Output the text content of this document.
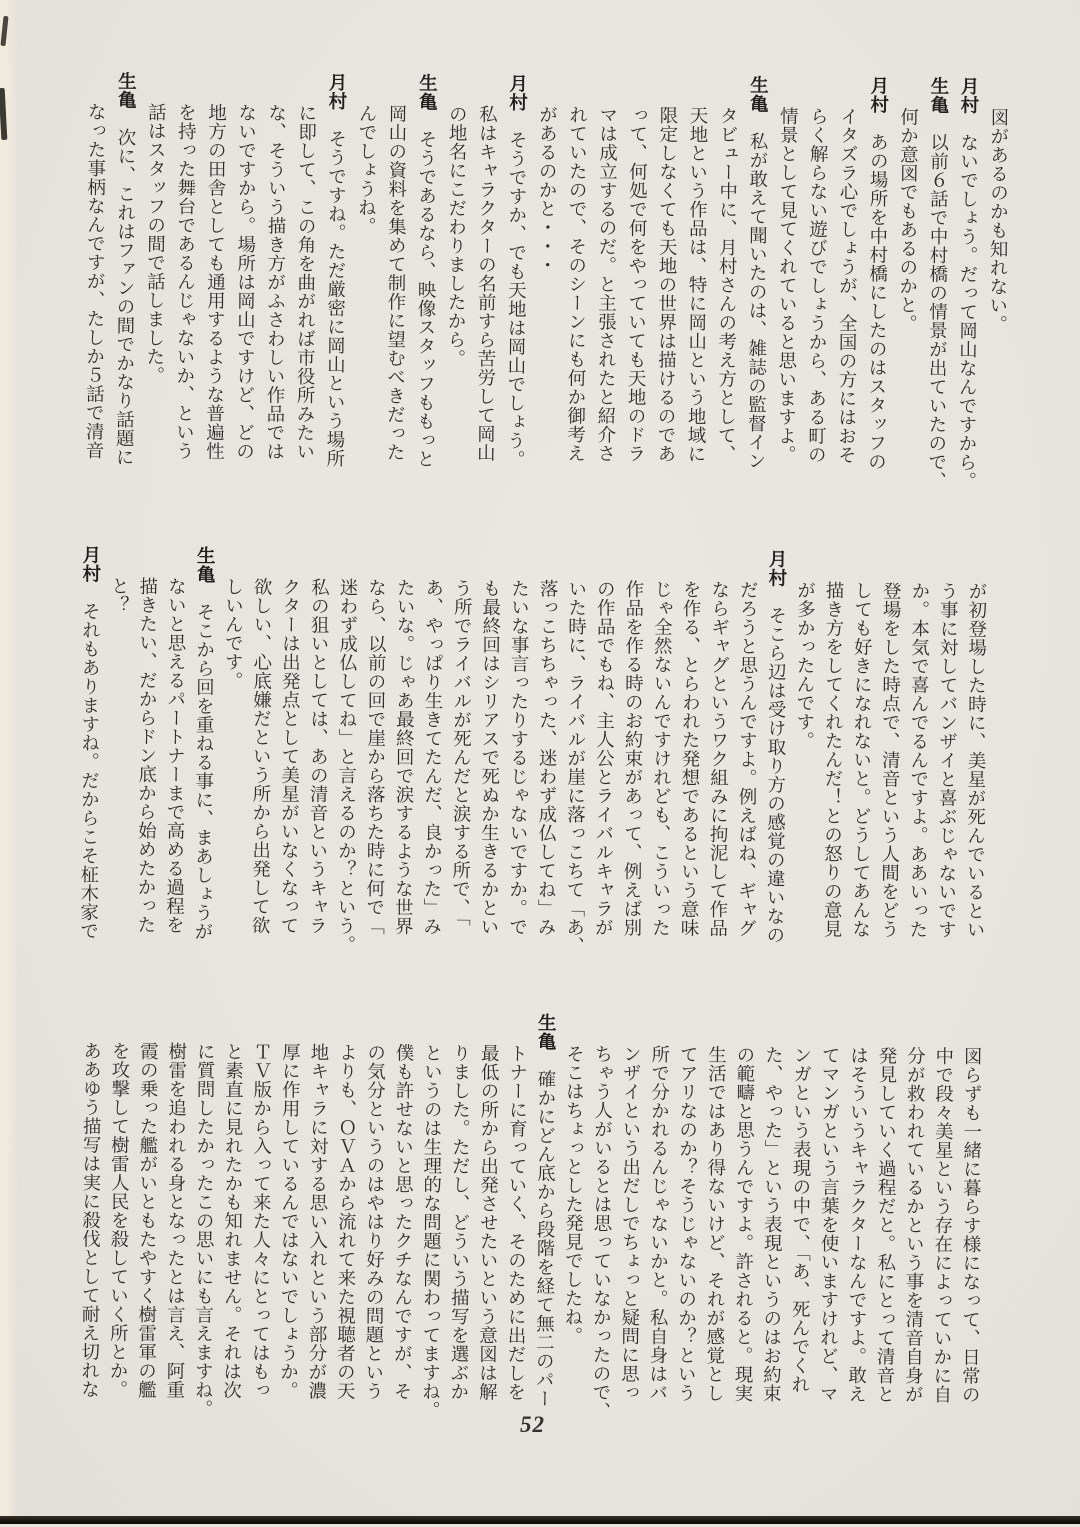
図があるのかも知れない。
月村　ないでしょう。だって岡山なんですから。
生亀　以前６話で中村橋の情景が出ていたので、
何か意図でもあるのかと。
月村　あの場所を中村橋にしたのはスタッフの
イタズラ心でしょうが、全国の方にはおそ
らく解らない遊びでしょうから、ある町の
情景として見てくれていると思いますよ。
生亀　私が敢えて聞いたのは、雑誌の監督イン
タビュー中に、月村さんの考え方として、
天地という作品は、特に岡山という地域に
限定しなくても天地の世界は描けるのであ
って、何処で何をやっていても天地のドラ
マは成立するのだ。と主張されたと紹介さ
れていたので、そのシーンにも何か御考え
があるのかと・・・
月村　そうですか、でも天地は岡山でしょう。
私はキャラクターの名前すら苦労して岡山
の地名にこだわりましたから。
生亀　そうであるなら、映像スタッフももっと
岡山の資料を集めて制作に望むべきだった
んでしょうね。
月村　そうですね。ただ厳密に岡山という場所
に即して、この角を曲がれば市役所みたい
な、そういう描き方がふさわしい作品では
ないですから。場所は岡山ですけど、どの
地方の田舎としても通用するような普遍性
を持った舞台であるんじゃないか、という
話はスタッフの間で話しました。
生亀　次に、これはファンの間でかなり話題に
なった事柄なんですが、たしか５話で清音
が初登場した時に、美星が死んでいるとい
う事に対してバンザイと喜ぶじゃないです
か。本気で喜んでるんですよ。ああいった
登場をした時点で、清音という人間をどう
しても好きになれないと。どうしてあんな
描き方をしてくれたんだ！との怒りの意見
が多かったんです。
月村　そこら辺は受け取り方の感覚の違いなの
だろうと思うんですよ。例えばね、ギャグ
ならギャグというワク組みに拘泥して作品
を作る、とらわれた発想であるという意味
じゃ全然ないんですけれども、こういった
作品を作る時のお約束があって、例えば別
の作品でもね、主人公とライバルキャラが
いた時に、ライバルが崖に落っこちて「あ、
落っこちちゃった、迷わず成仏してね」み
たいな事言ったりするじゃないですか。で
も最終回はシリアスで死ぬか生きるかとい
う所でライバルが死んだと涙する所で、「
あ、やっぱり生きてたんだ、良かった」み
たいな。じゃあ最終回で涙するような世界
なら、以前の回で崖から落ちた時に何で「
迷わず成仏してね」と言えるのか？という。
私の狙いとしては、あの清音というキャラ
クターは出発点として美星がいなくなって
欲しい、心底嫌だという所から出発して欲
しいんです。
生亀　そこから回を重ねる事に、まあしょうが
ないと思えるパートナーまで高める過程を
描きたい、だからドン底から始めたかった
と？
月村　それもありますね。だからこそ柾木家で
図らずも一緒に暮らす様になって、日常の
中で段々美星という存在によっていかに自
分が救われているかという事を清音自身が
発見していく過程だと。私にとって清音と
はそういうキャラクターなんですよ。敢え
てマンガという言葉を使いますけれど、マ
ンガという表現の中で、「あ、死んでくれ
た、やった」という表現というのはお約束
の範疇と思うんですよ。許されると。現実
生活ではあり得ないけど、それが感覚とし
てアリなのか？そうじゃないのか？という
所で分かれるんじゃないかと。私自身はバ
ンザイという出だしでちょっと疑問に思っ
ちゃう人がいるとは思っていなかったので、
そこはちょっとした発見でしたね。
生亀　確かにどん底から段階を経て無二のパー
トナーに育っていく、そのために出だしを
最低の所から出発させたいという意図は解
りました。ただし、どういう描写を選ぶか
というのは生理的な問題に関わってますね。
僕も許せないと思ったクチなんですが、そ
の気分というのはやはり好みの問題という
よりも、ＯＶＡから流れて来た視聴者の天
地キャラに対する思い入れという部分が濃
厚に作用しているんではないでしょうか。
ＴＶ版から入って来た人々にとってはもっ
と素直に見れたかも知れません。それは次
に質問したかったこの思いにも言えますね。
樹雷を追われる身となったとは言え、阿重
霞の乗った艦がいともたやすく樹雷軍の艦
を攻撃して樹雷人民を殺していく所とか。
ああゆう描写は実に殺伐として耐え切れな
52
